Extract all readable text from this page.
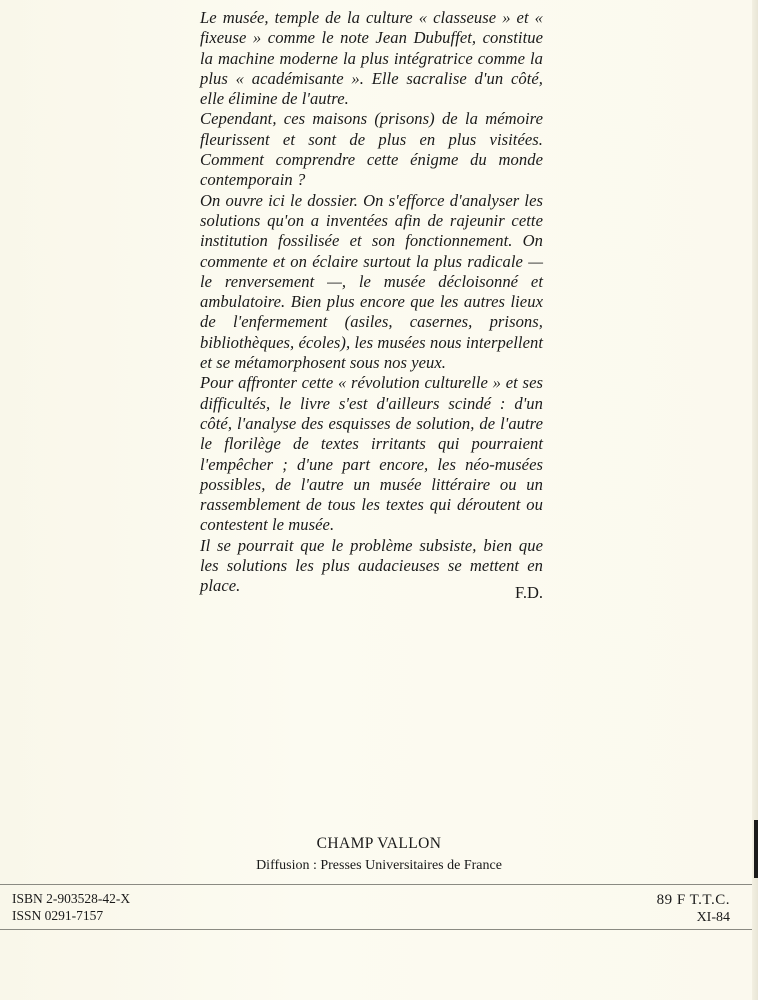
Le musée, temple de la culture « classeuse » et « fixeuse » comme le note Jean Dubuffet, constitue la machine moderne la plus intégratrice comme la plus « académisante ». Elle sacralise d'un côté, elle élimine de l'autre.

Cependant, ces maisons (prisons) de la mémoire fleurissent et sont de plus en plus visitées. Comment comprendre cette énigme du monde contemporain ?

On ouvre ici le dossier. On s'efforce d'analyser les solutions qu'on a inventées afin de rajeunir cette institution fossilisée et son fonctionnement. On commente et on éclaire surtout la plus radicale — le renversement —, le musée décloisonné et ambulatoire. Bien plus encore que les autres lieux de l'enfermement (asiles, casernes, prisons, bibliothèques, écoles), les musées nous interpellent et se métamorphosent sous nos yeux.

Pour affronter cette « révolution culturelle » et ses difficultés, le livre s'est d'ailleurs scindé : d'un côté, l'analyse des esquisses de solution, de l'autre le florilège de textes irritants qui pourraient l'empêcher ; d'une part encore, les néo-musées possibles, de l'autre un musée littéraire ou un rassemblement de tous les textes qui déroutent ou contestent le musée.

Il se pourrait que le problème subsiste, bien que les solutions les plus audacieuses se mettent en place.	F.D.
CHAMP VALLON
Diffusion : Presses Universitaires de France
ISBN 2-903528-42-X
ISSN 0291-7157
89 F T.T.C.
XI-84
